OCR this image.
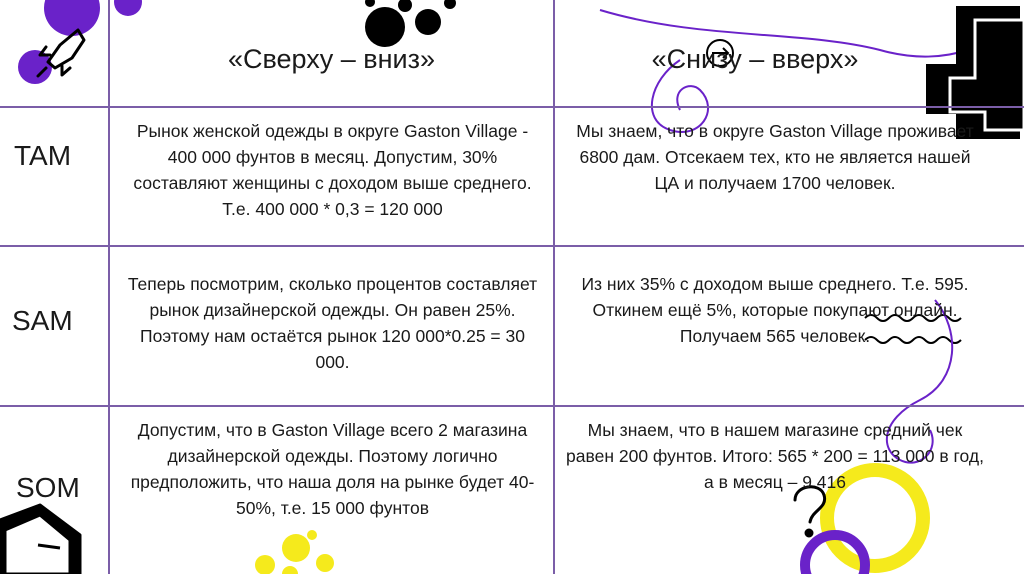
«Сверху – вниз»	«Снизу – вверх»
TAM
SAM
SOM
Рынок женской одежды в округе Gaston Village - 400 000 фунтов в месяц. Допустим, 30% составляют женщины с доходом выше среднего. Т.е. 400 000 * 0,3 = 120 000
Мы знаем, что в округе Gaston Village проживает 6800 дам. Отсекаем тех, кто не является нашей ЦА и получаем 1700 человек.
Теперь посмотрим, сколько процентов составляет рынок дизайнерской одежды. Он равен 25%. Поэтому нам остаётся рынок 120 000*0.25 = 30 000.
Из них 35% с доходом выше среднего. Т.е. 595. Откинем ещё 5%, которые покупают онлайн. Получаем 565 человек.
Допустим, что в Gaston Village всего 2 магазина дизайнерской одежды. Поэтому логично предположить, что наша доля на рынке будет 40-50%, т.е. 15 000 фунтов
Мы знаем, что в нашем магазине средний чек равен 200 фунтов. Итого: 565 * 200 = 113 000 в год, а в месяц – 9 416
